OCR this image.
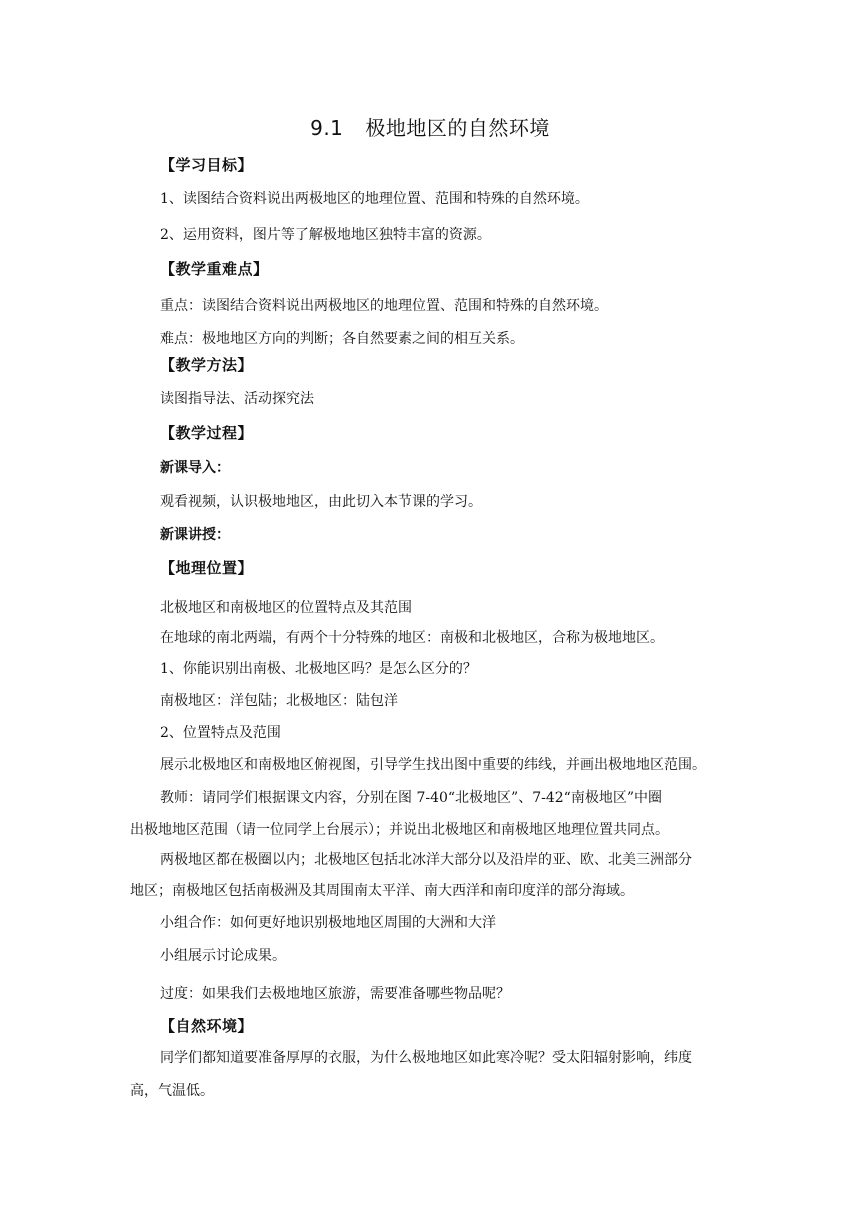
9.1 极地地区的自然环境
【学习目标】
1、读图结合资料说出两极地区的地理位置、范围和特殊的自然环境。
2、运用资料，图片等了解极地地区独特丰富的资源。
【教学重难点】
重点：读图结合资料说出两极地区的地理位置、范围和特殊的自然环境。
难点：极地地区方向的判断；各自然要素之间的相互关系。
【教学方法】
读图指导法、活动探究法
【教学过程】
新课导入：
观看视频，认识极地地区，由此切入本节课的学习。
新课讲授：
【地理位置】
北极地区和南极地区的位置特点及其范围
在地球的南北两端，有两个十分特殊的地区：南极和北极地区，合称为极地地区。
1、你能识别出南极、北极地区吗？是怎么区分的？
南极地区：洋包陆；北极地区：陆包洋
2、位置特点及范围
展示北极地区和南极地区俯视图，引导学生找出图中重要的纬线，并画出极地地区范围。
教师：请同学们根据课文内容，分别在图 7-40“北极地区”、7-42“南极地区”中圈
出极地地区范围（请一位同学上台展示）；并说出北极地区和南极地区地理位置共同点。
两极地区都在极圈以内；北极地区包括北冰洋大部分以及沿岸的亚、欧、北美三洲部分
地区；南极地区包括南极洲及其周围南太平洋、南大西洋和南印度洋的部分海域。
小组合作：如何更好地识别极地地区周围的大洲和大洋
小组展示讨论成果。
过度：如果我们去极地地区旅游，需要准备哪些物品呢？
【自然环境】
同学们都知道要准备厚厚的衣服，为什么极地地区如此寒冷呢？受太阳辐射影响，纬度
高，气温低。
